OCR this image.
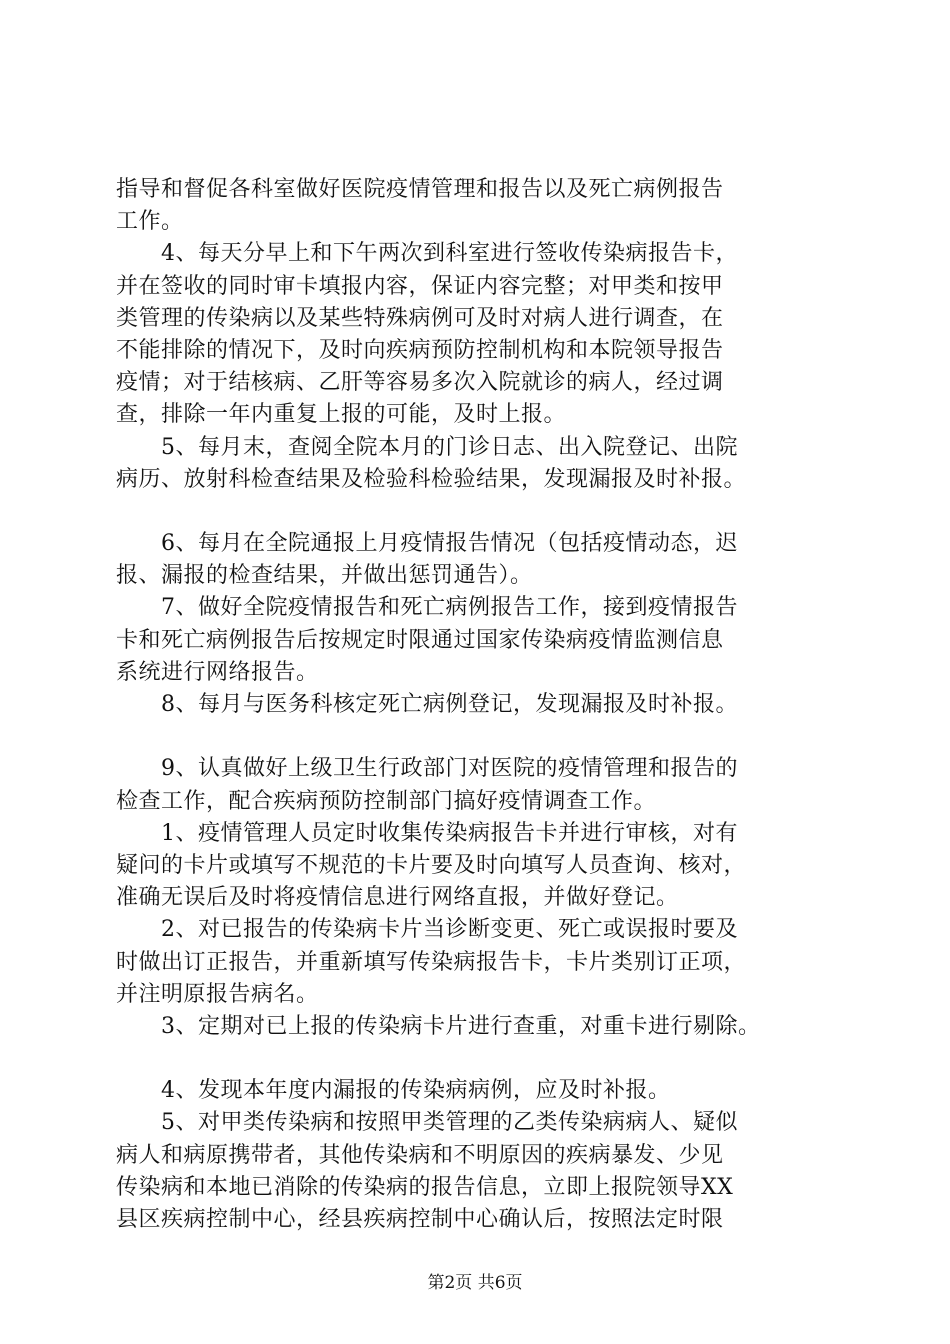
指导和督促各科室做好医院疫情管理和报告以及死亡病例报告
工作。
4、每天分早上和下午两次到科室进行签收传染病报告卡，
并在签收的同时审卡填报内容，保证内容完整；对甲类和按甲
类管理的传染病以及某些特殊病例可及时对病人进行调查，在
不能排除的情况下，及时向疾病预防控制机构和本院领导报告
疫情；对于结核病、乙肝等容易多次入院就诊的病人，经过调
查，排除一年内重复上报的可能，及时上报。
5、每月末，查阅全院本月的门诊日志、出入院登记、出院
病历、放射科检查结果及检验科检验结果，发现漏报及时补报。
6、每月在全院通报上月疫情报告情况（包括疫情动态，迟
报、漏报的检查结果，并做出惩罚通告）。
7、做好全院疫情报告和死亡病例报告工作，接到疫情报告
卡和死亡病例报告后按规定时限通过国家传染病疫情监测信息
系统进行网络报告。
8、每月与医务科核定死亡病例登记，发现漏报及时补报。
9、认真做好上级卫生行政部门对医院的疫情管理和报告的
检查工作，配合疾病预防控制部门搞好疫情调查工作。
1、疫情管理人员定时收集传染病报告卡并进行审核，对有
疑问的卡片或填写不规范的卡片要及时向填写人员查询、核对，
准确无误后及时将疫情信息进行网络直报，并做好登记。
2、对已报告的传染病卡片当诊断变更、死亡或误报时要及
时做出订正报告，并重新填写传染病报告卡，卡片类别订正项，
并注明原报告病名。
3、定期对已上报的传染病卡片进行查重，对重卡进行剔除。
4、发现本年度内漏报的传染病病例，应及时补报。
5、对甲类传染病和按照甲类管理的乙类传染病病人、疑似
病人和病原携带者，其他传染病和不明原因的疾病暴发、少见
传染病和本地已消除的传染病的报告信息，立即上报院领导XX
县区疾病控制中心，经县疾病控制中心确认后，按照法定时限
第2页 共6页
